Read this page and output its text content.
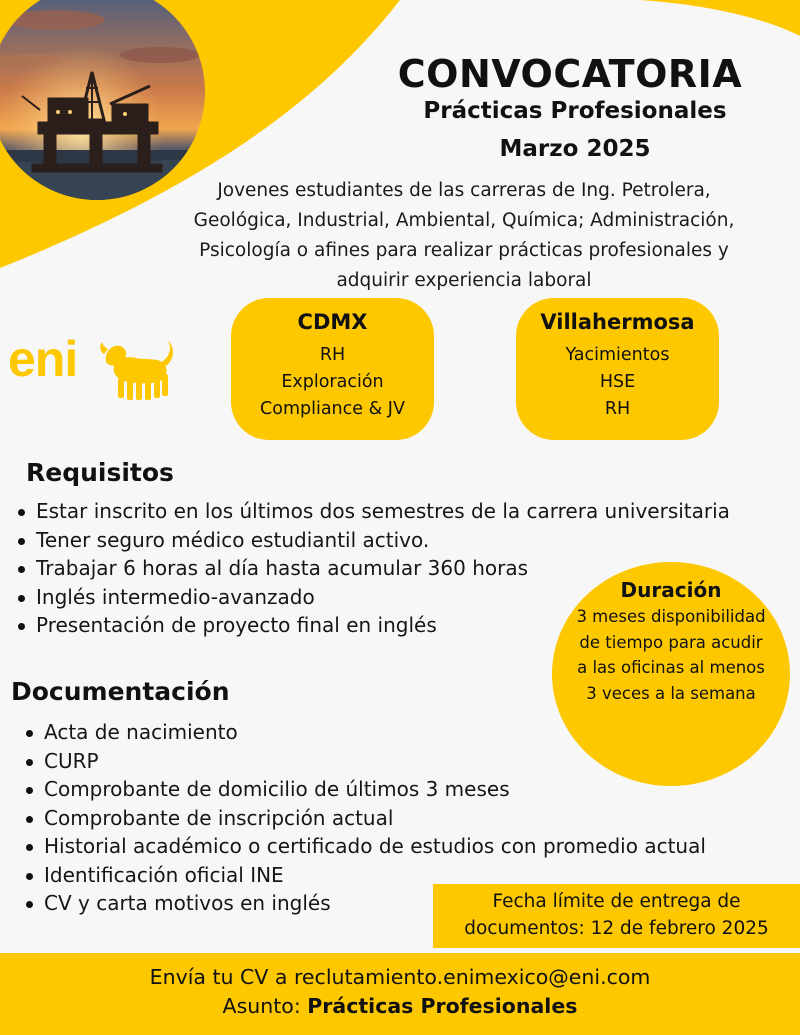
CONVOCATORIA
Prácticas Profesionales
Marzo 2025
Jovenes estudiantes de las carreras de Ing. Petrolera,
Geológica, Industrial, Ambiental, Química; Administración,
Psicología o afines para realizar prácticas profesionales y
adquirir experiencia laboral
eni
CDMX
RH
Exploración
Compliance & JV
Villahermosa
Yacimientos
HSE
RH
Requisitos
Estar inscrito en los últimos dos semestres de la carrera universitaria
Tener seguro médico estudiantil activo.
Trabajar 6 horas al día hasta acumular 360 horas
Inglés intermedio-avanzado
Presentación de proyecto final en inglés
Duración
3 meses disponibilidad de tiempo para acudir a las oficinas al menos 3 veces a la semana
Documentación
Acta de nacimiento
CURP
Comprobante de domicilio de últimos 3 meses
Comprobante de inscripción actual
Historial académico o certificado de estudios con promedio actual
Identificación oficial INE
CV y carta motivos en inglés	Fecha límite de entrega de
documentos: 12 de febrero 2025
Envía tu CV a reclutamiento.enimexico@eni.com
Asunto: Prácticas Profesionales
